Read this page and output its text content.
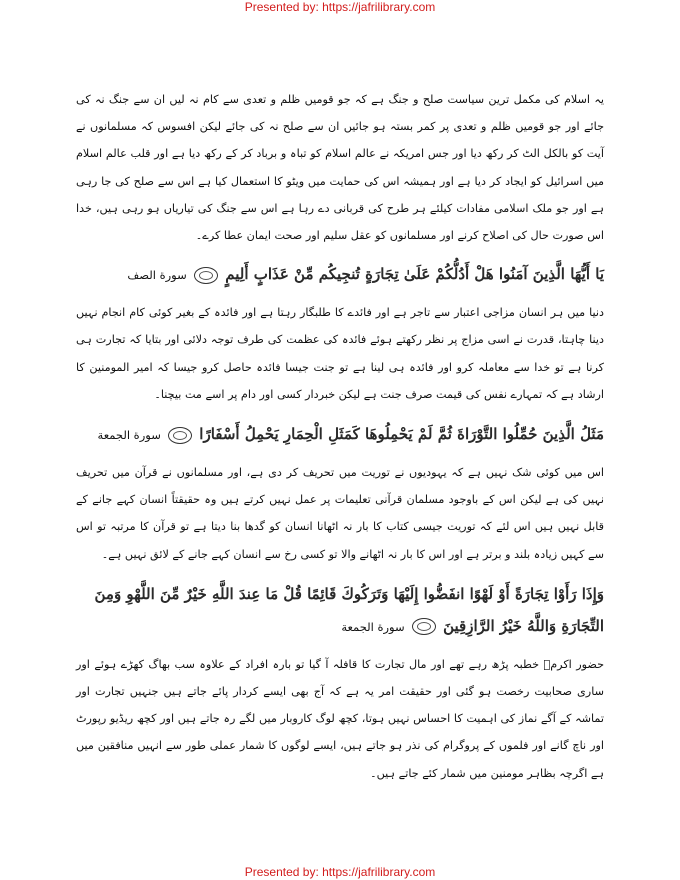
Presented by: https://jafrilibrary.com

یہ اسلام کی مکمل ترین سیاست صلح و جنگ ہے کہ جو قومیں ظلم و تعدی سے کام نہ لیں ان سے جنگ نہ کی جائے اور جو قومیں ظلم و تعدی پر کمر بستہ ہو جائیں ان سے صلح نہ کی جائے لیکن افسوس کہ مسلمانوں نے آیت کو بالکل الٹ کر رکھ دیا اور جس امریکہ نے عالم اسلام کو تباہ و برباد کر کے رکھ دیا ہے اور قلب عالم اسلام میں اسرائیل کو ایجاد کر دیا ہے اور ہمیشہ اس کی حمایت میں ویٹو کا استعمال کیا ہے اس سے صلح کی جا رہی ہے اور جو ملک اسلامی مفادات کیلئے ہر طرح کی قربانی دے رہا ہے اس سے جنگ کی تیاریاں ہو رہی ہیں، خدا اس صورت حال کی اصلاح کرنے اور مسلمانوں کو عقل سلیم اور صحت ایمان عطا کرے۔

يَا أَيُّهَا الَّذِينَ آمَنُوا هَلْ أَدُلُّكُمْ عَلَىٰ تِجَارَةٍ تُنجِيكُم مِّنْ عَذَابٍ أَلِيمٍ  سورة الصف

دنیا میں ہر انسان مزاجی اعتبار سے تاجر ہے اور فائدے کا طلبگار رہتا ہے اور فائدہ کے بغیر کوئی کام انجام نہیں دینا چاہتا، قدرت نے اسی مزاج پر نظر رکھتے ہوئے فائدہ کی عظمت کی طرف توجہ دلائی اور بتایا کہ تجارت ہی کرنا ہے تو خدا سے معاملہ کرو اور فائدہ ہی لینا ہے تو جنت جیسا فائدہ حاصل کرو جیسا کہ امیر المومنین کا ارشاد ہے کہ تمہارے نفس کی قیمت صرف جنت ہے لیکن خبردار کسی اور دام پر اسے مت بیچنا۔

مَثَلُ الَّذِينَ حُمِّلُوا التَّوْرَاةَ ثُمَّ لَمْ يَحْمِلُوهَا كَمَثَلِ الْحِمَارِ يَحْمِلُ أَسْفَارًا  سورة الجمعة

اس میں کوئی شک نہیں ہے کہ یہودیوں نے توریت میں تحریف کر دی ہے، اور مسلمانوں نے قرآن میں تحریف نہیں کی ہے لیکن اس کے باوجود مسلمان قرآنی تعلیمات پر عمل نہیں کرتے ہیں وہ حقیقتاً انسان کہے جانے کے قابل نہیں ہیں اس لئے کہ توریت جیسی کتاب کا بار نہ اٹھانا انسان کو گدھا بنا دیتا ہے تو قرآن کا مرتبہ تو اس سے کہیں زیادہ بلند و برتر ہے اور اس کا بار نہ اٹھانے والا تو کسی رخ سے انسان کہے جانے کے لائق نہیں ہے۔

وَإِذَا رَأَوْا تِجَارَةً أَوْ لَهْوًا انفَضُّوا إِلَيْهَا وَتَرَكُوكَ قَائِمًا قُلْ مَا عِندَ اللَّهِ خَيْرٌ مِّنَ اللَّهْوِ وَمِنَ التِّجَارَةِ وَاللَّهُ خَيْرُ الرَّازِقِينَ  سورة الجمعة

حضور اکرمؐ خطبہ پڑھ رہے تھے اور مال تجارت کا قافلہ آ گیا تو بارہ افراد کے علاوہ سب بھاگ کھڑے ہوئے اور ساری صحابیت رخصت ہو گئی اور حقیقت امر یہ ہے کہ آج بھی ایسے کردار پائے جاتے ہیں جنہیں تجارت اور تماشہ کے آگے نماز کی اہمیت کا احساس نہیں ہوتا، کچھ لوگ کاروبار میں لگے رہ جاتے ہیں اور کچھ ریڈیو رپورٹ اور ناچ گانے اور فلموں کے پروگرام کی نذر ہو جاتے ہیں، ایسے لوگوں کا شمار عملی طور سے انہیں منافقین میں ہے اگرچہ بظاہر مومنین میں شمار کئے جاتے ہیں۔

Presented by: https://jafrilibrary.com
